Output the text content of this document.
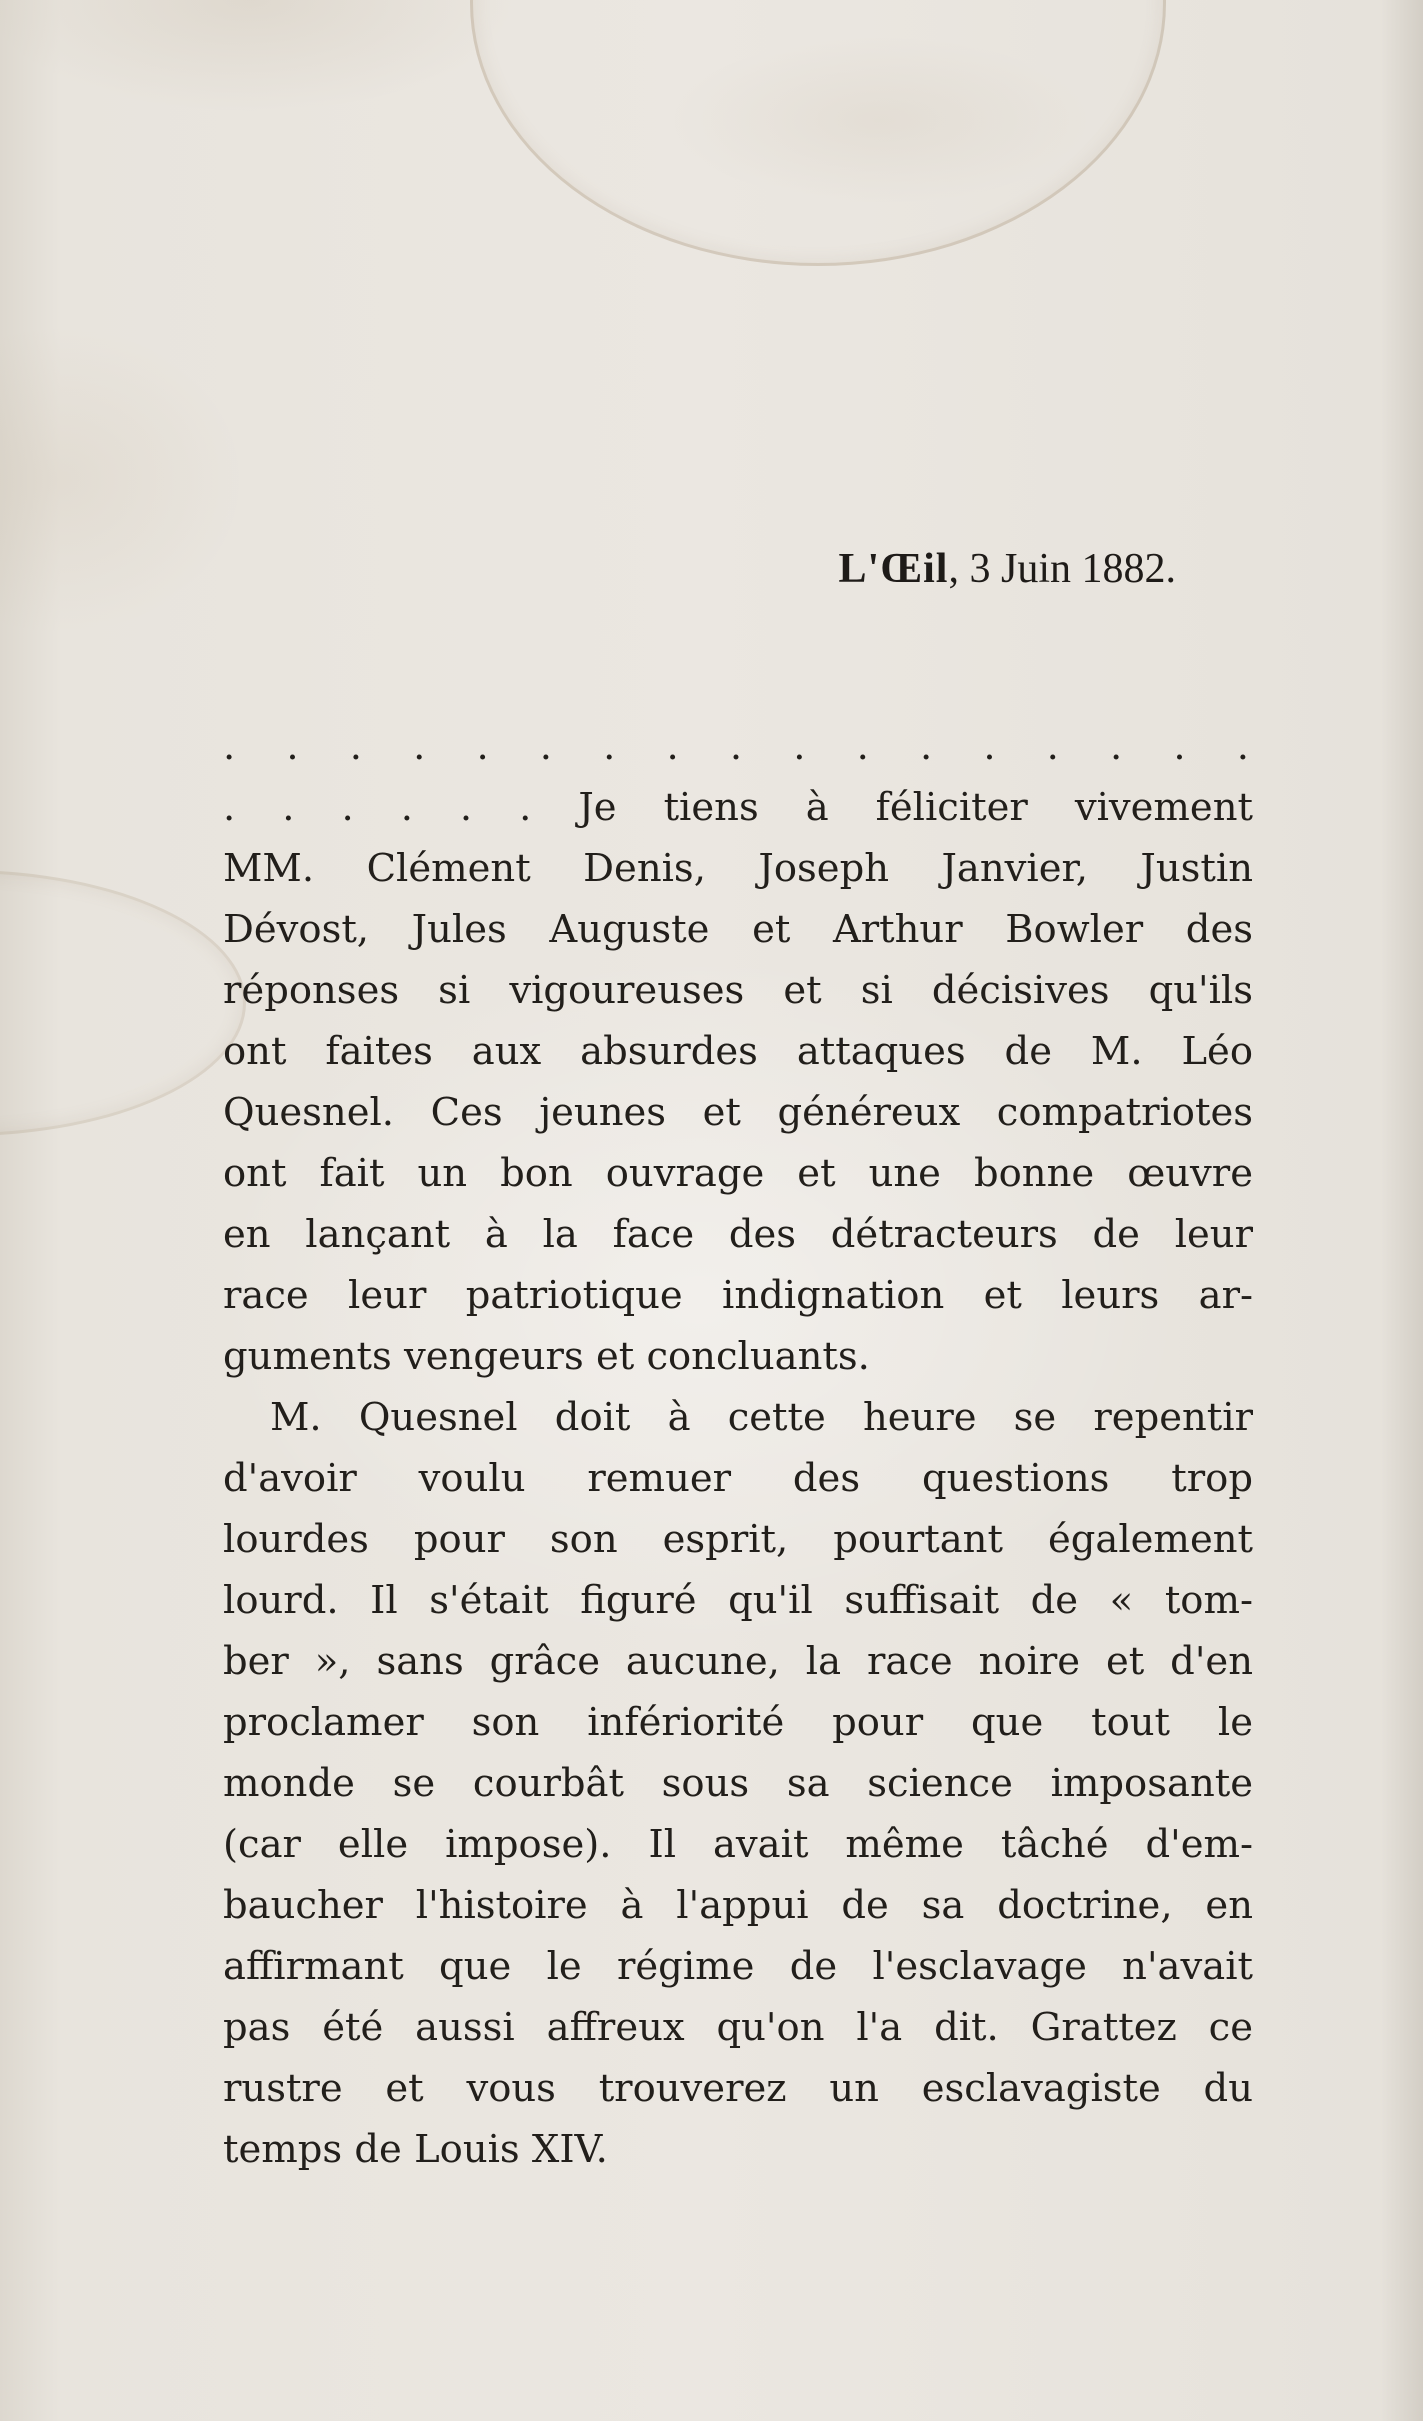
L'Œil, 3 Juin 1882.
. . . . . . . . . . . . . . . . .
. . . . . . Je tiens à féliciter vivement
MM. Clément Denis, Joseph Janvier, Justin
Dévost, Jules Auguste et Arthur Bowler des
réponses si vigoureuses et si décisives qu'ils
ont faites aux absurdes attaques de M. Léo
Quesnel. Ces jeunes et généreux compatriotes
ont fait un bon ouvrage et une bonne œuvre
en lançant à la face des détracteurs de leur
race leur patriotique indignation et leurs ar-
guments vengeurs et concluants.
M. Quesnel doit à cette heure se repentir
d'avoir voulu remuer des questions trop
lourdes pour son esprit, pourtant également
lourd. Il s'était figuré qu'il suffisait de « tom-
ber », sans grâce aucune, la race noire et d'en
proclamer son infériorité pour que tout le
monde se courbât sous sa science imposante
(car elle impose). Il avait même tâché d'em-
baucher l'histoire à l'appui de sa doctrine, en
affirmant que le régime de l'esclavage n'avait
pas été aussi affreux qu'on l'a dit. Grattez ce
rustre et vous trouverez un esclavagiste du
temps de Louis XIV.
